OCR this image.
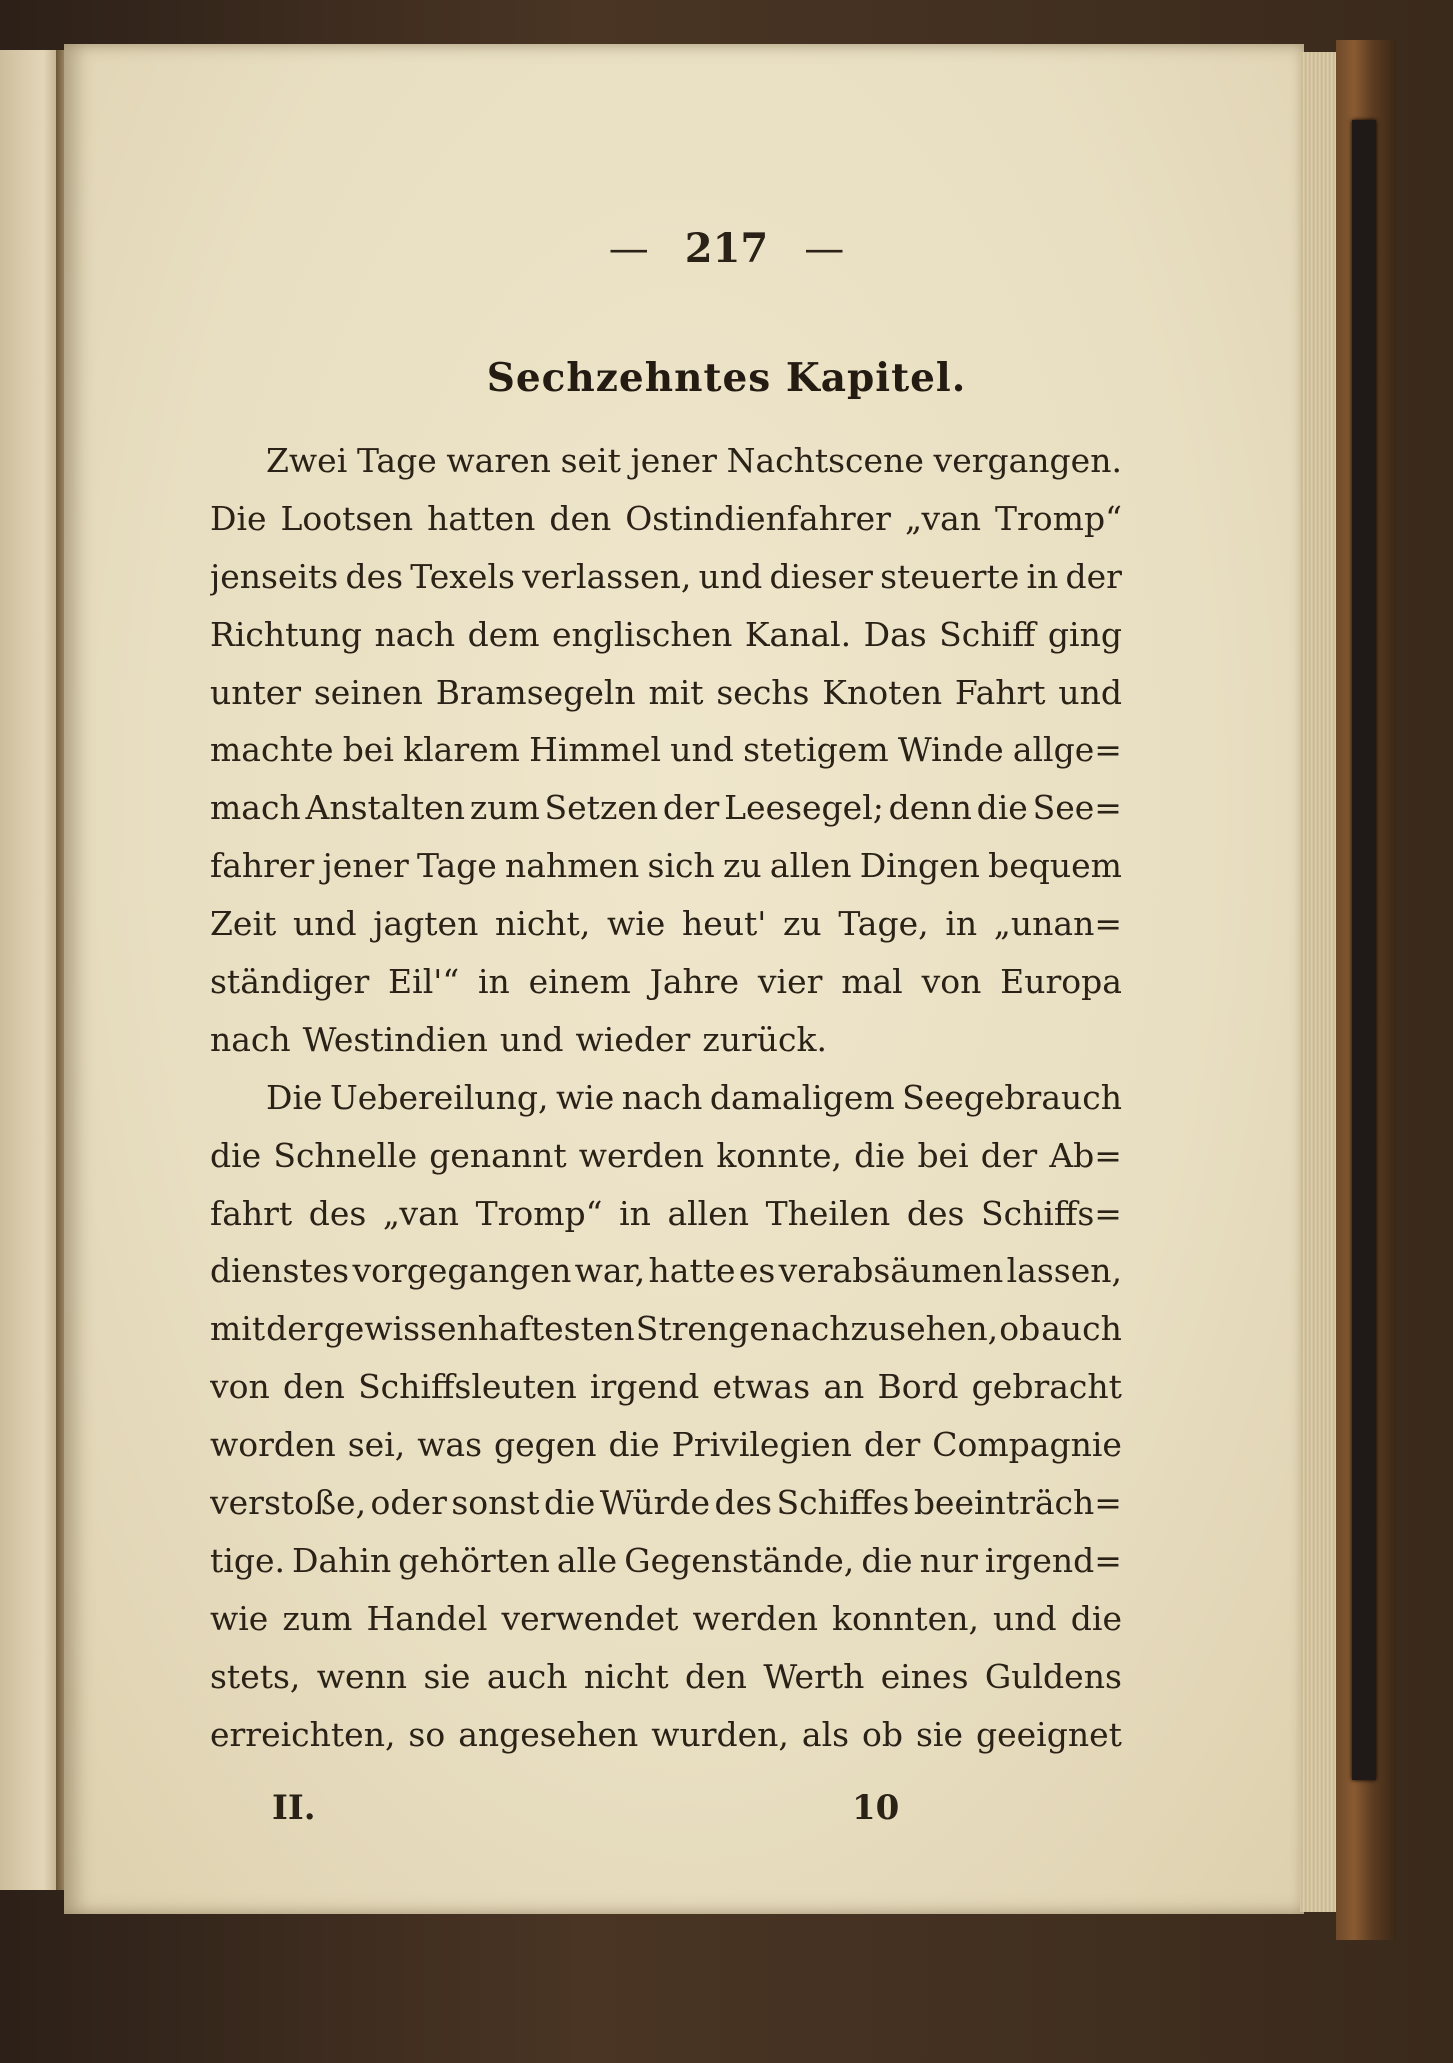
— 217 —
Sechzehntes Kapitel.
Zwei Tage waren seit jener Nachtscene vergangen.
Die Lootsen hatten den Ostindienfahrer „van Tromp“
jenseits des Texels verlassen, und dieser steuerte in der
Richtung nach dem englischen Kanal. Das Schiff ging
unter seinen Bramsegeln mit sechs Knoten Fahrt und
machte bei klarem Himmel und stetigem Winde allge=
mach Anstalten zum Setzen der Leesegel; denn die See=
fahrer jener Tage nahmen sich zu allen Dingen bequem
Zeit und jagten nicht, wie heut' zu Tage, in „unan=
ständiger Eil'“ in einem Jahre vier mal von Europa
nach Westindien und wieder zurück.
Die Uebereilung, wie nach damaligem Seegebrauch
die Schnelle genannt werden konnte, die bei der Ab=
fahrt des „van Tromp“ in allen Theilen des Schiffs=
dienstes vorgegangen war, hatte es verabsäumen lassen,
mit der gewissenhaftesten Strenge nachzusehen, ob auch
von den Schiffsleuten irgend etwas an Bord gebracht
worden sei, was gegen die Privilegien der Compagnie
verstoße, oder sonst die Würde des Schiffes beeinträch=
tige. Dahin gehörten alle Gegenstände, die nur irgend=
wie zum Handel verwendet werden konnten, und die
stets, wenn sie auch nicht den Werth eines Guldens
erreichten, so angesehen wurden, als ob sie geeignet
II.	10
